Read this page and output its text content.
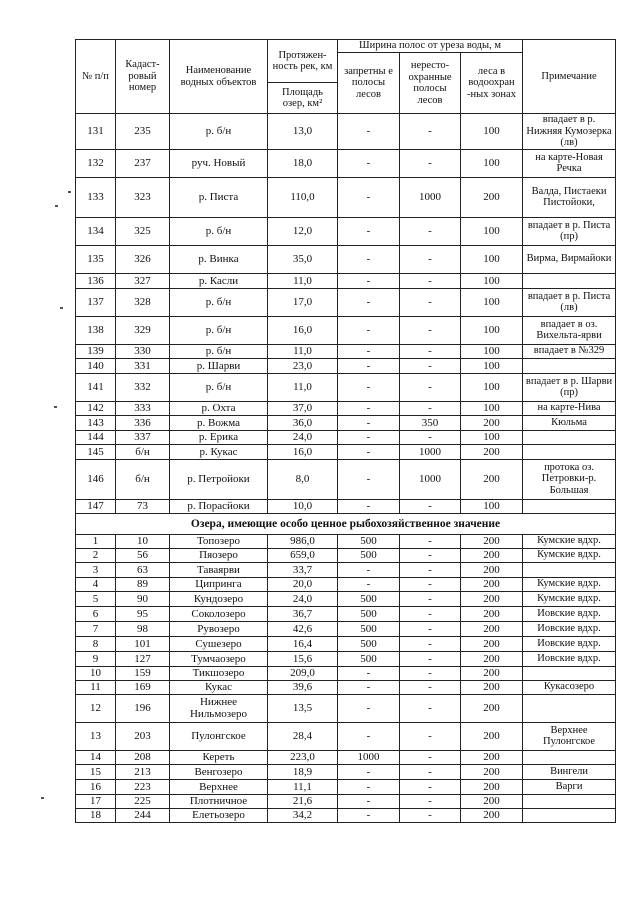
№ п/п	Кадаст-ровый номер	Наименование водных объектов	Протяжен-ность рек, км	Ширина полос от уреза воды, м			Примечание
				запретны е полосы лесов	нересто-охранные полосы лесов	леса в водоохран -ных зонах	
			Площадь озер, км²				
131	235	р. б/н	13,0	-	-	100	впадает в р. Нижняя Кумозерка (лв)
132	237	руч. Новый	18,0	-	-	100	на карте-Новая Речка
133	323	р. Писта	110,0	-	1000	200	Валда, Пистаеки Пистойоки,
134	325	р. б/н	12,0	-	-	100	впадает в р. Писта (пр)
135	326	р. Винка	35,0	-	-	100	Вирма, Вирмайоки
136	327	р. Касли	11,0	-	-	100	
137	328	р. б/н	17,0	-	-	100	впадает в р. Писта (лв)
138	329	р. б/н	16,0	-	-	100	впадает в оз. Вихельта-ярви
139	330	р. б/н	11,0	-	-	100	впадает в №329
140	331	р. Шарви	23,0	-	-	100	
141	332	р. б/н	11,0	-	-	100	впадает в р. Шарви (пр)
142	333	р. Охта	37,0	-	-	100	на карте-Нива
143	336	р. Вожма	36,0	-	350	200	Кюльма
144	337	р. Ерика	24,0	-	-	100	
145	б/н	р. Кукас	16,0	-	1000	200	
146	б/н	р. Петройоки	8,0	-	1000	200	протока оз. Петровки-р. Большая
147	73	р. Порасйоки	10,0	-	-	100	
Озера, имеющие особо ценное рыбохозяйственное значение							
1	10	Топозеро	986,0	500	-	200	Кумские вдхр.
2	56	Пяозеро	659,0	500	-	200	Кумские вдхр.
3	63	Таваярви	33,7	-	-	200	
4	89	Ципринга	20,0	-	-	200	Кумские вдхр.
5	90	Кундозеро	24,0	500	-	200	Кумские вдхр.
6	95	Соколозеро	36,7	500	-	200	Иовские вдхр.
7	98	Рувозеро	42,6	500	-	200	Иовские вдхр.
8	101	Сушезеро	16,4	500	-	200	Иовские вдхр.
9	127	Тумчаозеро	15,6	500	-	200	Иовские вдхр.
10	159	Тикшозеро	209,0	-	-	200	
11	169	Кукас	39,6	-	-	200	Кукасозеро
12	196	Нижнее Нильмозеро	13,5	-	-	200	
13	203	Пулонгское	28,4	-	-	200	Верхнее Пулонгское
14	208	Кереть	223,0	1000	-	200	
15	213	Венгозеро	18,9	-	-	200	Вингели
16	223	Верхнее	11,1	-	-	200	Варги
17	225	Плотничное	21,6	-	-	200	
18	244	Елетьозеро	34,2	-	-	200	
